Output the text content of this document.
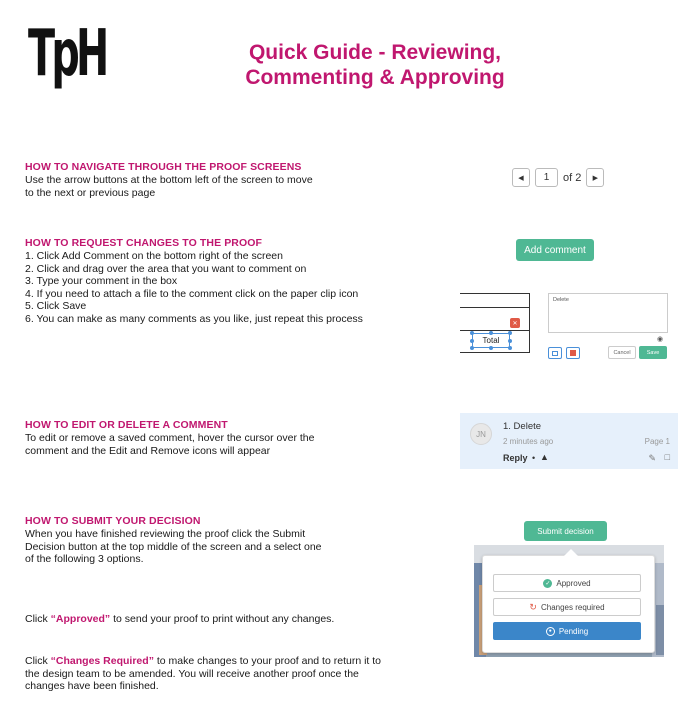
TpH	Quick Guide - Reviewing,
Commenting & Approving
HOW TO NAVIGATE THROUGH THE PROOF SCREENS
Use the arrow buttons at the bottom left of the screen to move
to the next or previous page
◀	1	of 2 ▶
HOW TO REQUEST CHANGES TO THE PROOF
1. Click Add Comment on the bottom right of the screen
2. Click and drag over the area that you want to comment on
3. Type your comment in the box
4. If you need to attach a file to the comment click on the paper clip icon
5. Click Save
6. You can make as many comments as you like, just repeat this process
Add comment
Total
✕
Delete
◉
Cancel	Save
HOW TO EDIT OR DELETE A COMMENT
To edit or remove a saved comment, hover the cursor over the
comment and the Edit and Remove icons will appear
JN
1. Delete
2 minutes ago	Page 1
Reply • ▲	✎ □
HOW TO SUBMIT YOUR DECISION
When you have finished reviewing the proof click the Submit
Decision button at the top middle of the screen and a select one
of the following 3 options.
Submit decision
✓ Approved
↻ Changes required
● Pending
Click “Approved” to send your proof to print without any changes.
Click “Changes Required” to make changes to your proof and to return it to
the design team to be amended. You will receive another proof once the
changes have been finished.
